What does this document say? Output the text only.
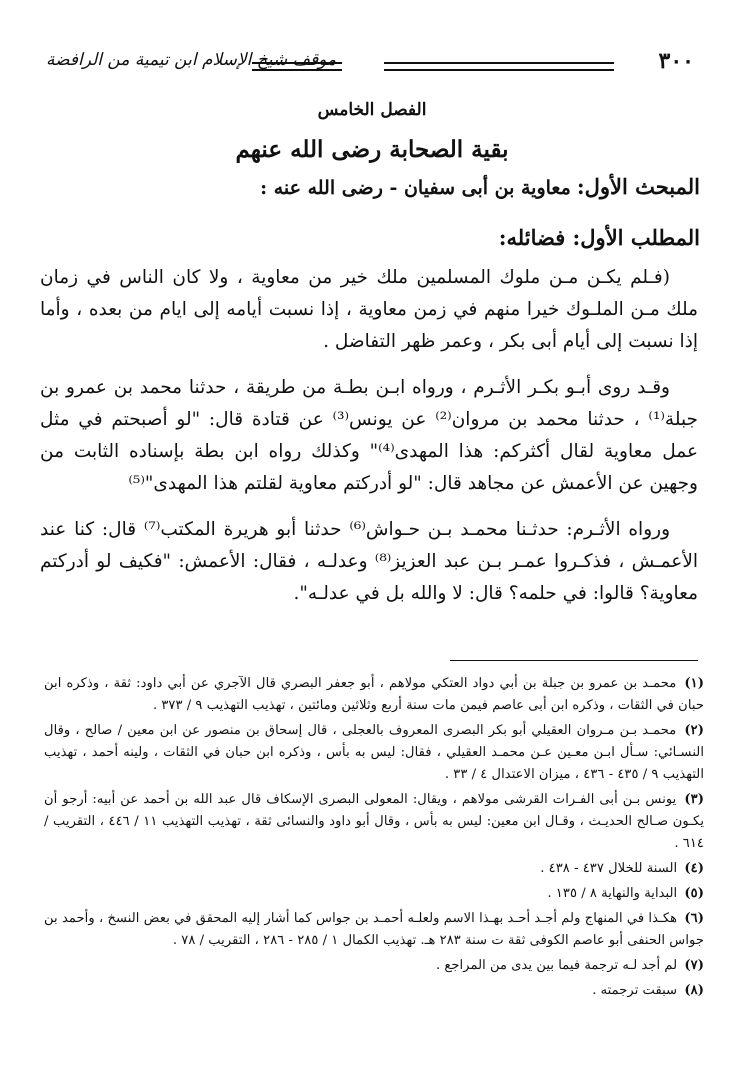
٣٠٠
موقف شيخ الإسلام ابن تيمية من الرافضة
الفصل الخامس
بقية الصحابة رضى الله عنهم
المبحث الأول: معاوية بن أبى سفيان - رضى الله عنه :
المطلب الأول: فضائله:

(فـلم يكـن مـن ملوك المسلمين ملك خير من معاوية ، ولا كان الناس في زمان ملك مـن الملـوك خيرا منهم في زمن معاوية ، إذا نسبت أيامه إلى ايام من بعده ، وأما إذا نسبت إلى أيام أبى بكر ، وعمر ظهر التفاضل .

وقـد روى أبـو بكـر الأثـرم ، ورواه ابـن بطـة من طريقة ، حدثنا محمد بن عمرو بن جبلة⁽¹⁾ ، حدثنا محمد بن مروان⁽²⁾ عن يونس⁽³⁾ عن قتادة قال: "لو أصبحتم في مثل عمل معاوية لقال أكثركم: هذا المهدى⁽⁴⁾" وكذلك رواه ابن بطة بإسناده الثابت من وجهين عن الأعمش عن مجاهد قال: "لو أدركتم معاوية لقلتم هذا المهدى"⁽⁵⁾

ورواه الأثـرم: حدثـنا محمـد بـن حـواش⁽⁶⁾ حدثنا أبو هريرة المكتب⁽⁷⁾ قال: كنا عند الأعمـش ، فذكـروا عمـر بـن عبد العزيز⁽⁸⁾ وعدلـه ، فقال: الأعمش: "فكيف لو أدركتم معاوية؟ قالوا: في حلمه؟ قال: لا والله بل في عدلـه".

(١) محمـد بن عمرو بن جبلة بن أبي دواد العتكي مولاهم ، أبو جعفر البصري قال الآجري عن أبي داود: ثقة ، وذكره ابن حبان في الثقات ، وذكره ابن أبى عاصم فيمن مات سنة أربع وثلاثين ومائتين ، تهذيب التهذيب ٩ / ٣٧٣ .

(٢) محمـد بـن مـروان العقيلي أبو بكر البصرى المعروف بالعجلى ، قال إسحاق بن منصور عن ابن معين / صالح ، وقال النسـائي: سـأل ابـن معـين عـن محمـد العقيلي ، فقال: ليس به بأس ، وذكره ابن حبان في الثقات ، ولينه أحمد ، تهذيب التهذيب ٩ / ٤٣٥ - ٤٣٦ ، ميزان الاعتدال ٤ / ٣٣ .

(٣) يونس بـن أبى الفـرات القرشى مولاهم ، ويقال: المعولى البصرى الإسكاف قال عبد الله بن أحمد عن أبيه: أرجو أن يكـون صـالح الحديـث ، وقـال ابن معين: ليس به بأس ، وقال أبو داود والنسائى ثقة ، تهذيب التهذيب ١١ / ٤٤٦ ، التقريب / ٦١٤ .

(٤) السنة للخلال ٤٣٧ - ٤٣٨ .

(٥) البداية والنهاية ٨ / ١٣٥ .

(٦) هكـذا في المنهاج ولم أجـد أحـد بهـذا الاسم ولعلـه أحمـد بن جواس كما أشار إليه المحقق في بعض النسخ ، وأحمد بن جواس الحنفى أبو عاصم الكوفى ثقة ت سنة ٢٨٣ هـ. تهذيب الكمال ١ / ٢٨٥ - ٢٨٦ ، التقريب / ٧٨ .

(٧) لم أجد لـه ترجمة فيما بين يدى من المراجع .

(٨) سبقت ترجمته .
